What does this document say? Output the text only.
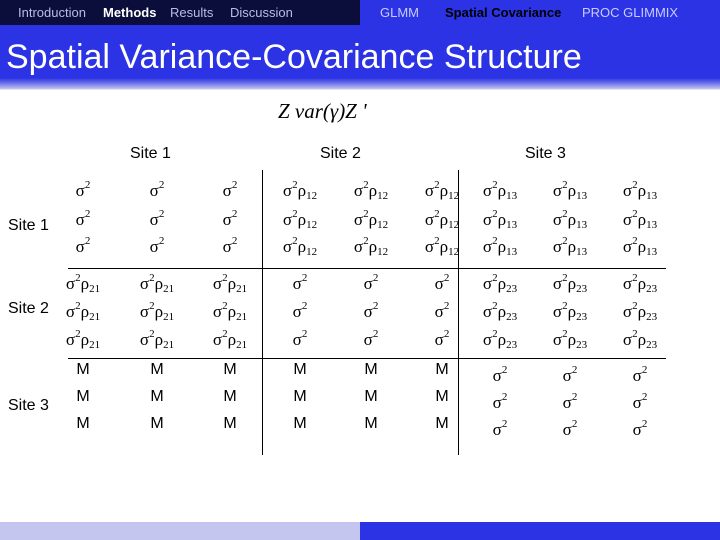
Introduction Methods Results Discussion	GLMM Spatial Covariance PROC GLIMMIX
Spatial Variance-Covariance Structure
Z var(γ)Z '
Site 1	Site 2	Site 3
Site 1
Site 2
Site 3
$\sigma^2$	$\sigma^2$	$\sigma^2$	$\sigma^2\rho_{12}$	$\sigma^2\rho_{12}$	$\sigma^2\rho_{12}$	$\sigma^2\rho_{13}$	$\sigma^2\rho_{13}$	$\sigma^2\rho_{13}$
$\sigma^2$	$\sigma^2$	$\sigma^2$	$\sigma^2\rho_{12}$	$\sigma^2\rho_{12}$	$\sigma^2\rho_{12}$	$\sigma^2\rho_{13}$	$\sigma^2\rho_{13}$	$\sigma^2\rho_{13}$
$\sigma^2$	$\sigma^2$	$\sigma^2$	$\sigma^2\rho_{12}$	$\sigma^2\rho_{12}$	$\sigma^2\rho_{12}$	$\sigma^2\rho_{13}$	$\sigma^2\rho_{13}$	$\sigma^2\rho_{13}$
$\sigma^2\rho_{21}$	$\sigma^2\rho_{21}$	$\sigma^2\rho_{21}$	$\sigma^2$	$\sigma^2$	$\sigma^2$	$\sigma^2\rho_{23}$	$\sigma^2\rho_{23}$	$\sigma^2\rho_{23}$
$\sigma^2\rho_{21}$	$\sigma^2\rho_{21}$	$\sigma^2\rho_{21}$	$\sigma^2$	$\sigma^2$	$\sigma^2$	$\sigma^2\rho_{23}$	$\sigma^2\rho_{23}$	$\sigma^2\rho_{23}$
$\sigma^2\rho_{21}$	$\sigma^2\rho_{21}$	$\sigma^2\rho_{21}$	$\sigma^2$	$\sigma^2$	$\sigma^2$	$\sigma^2\rho_{23}$	$\sigma^2\rho_{23}$	$\sigma^2\rho_{23}$
M	M	M	M	M	M	$\sigma^2$	$\sigma^2$	$\sigma^2$
M	M	M	M	M	M	$\sigma^2$	$\sigma^2$	$\sigma^2$
M	M	M	M	M	M	$\sigma^2$	$\sigma^2$	$\sigma^2$
